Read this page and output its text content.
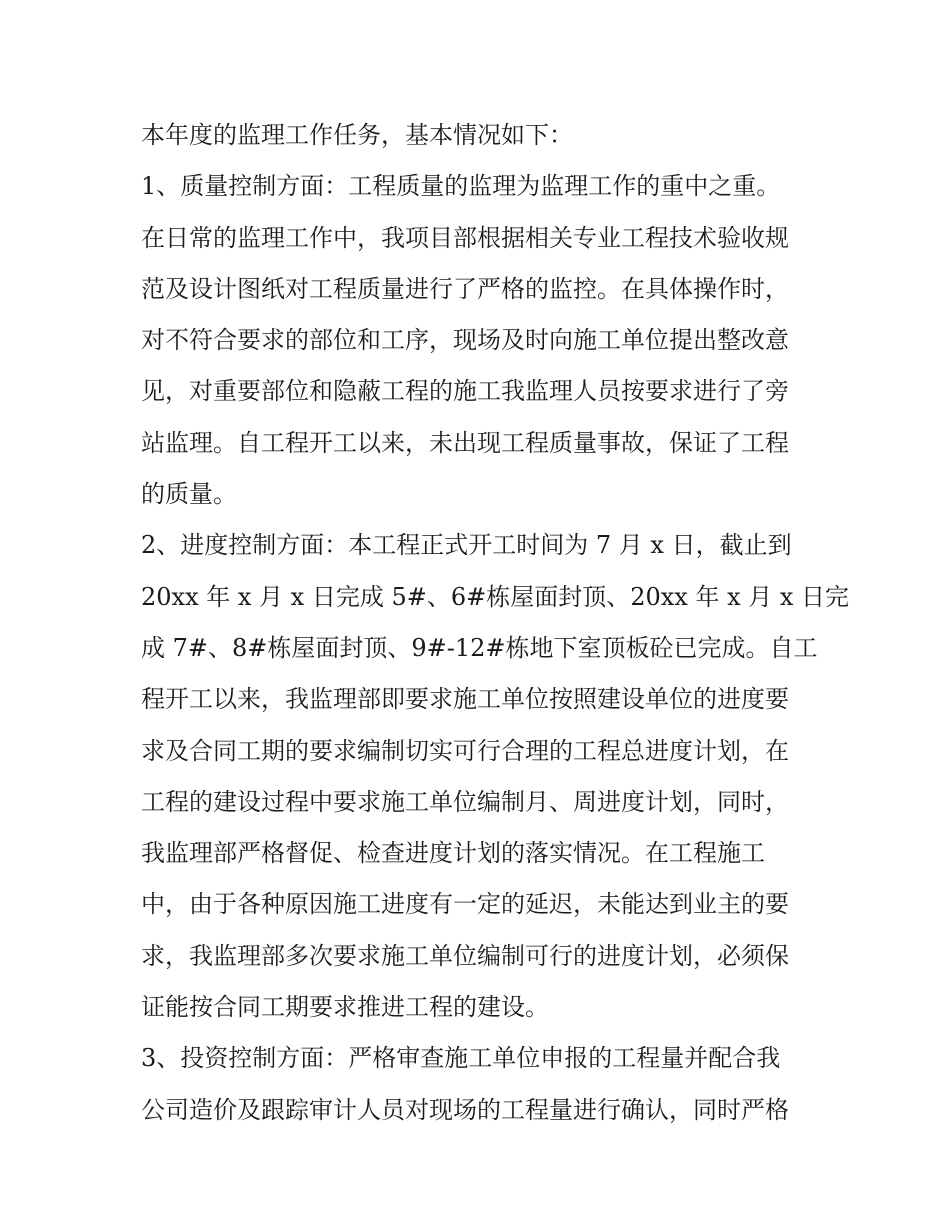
本年度的监理工作任务，基本情况如下：
1、质量控制方面：工程质量的监理为监理工作的重中之重。
在日常的监理工作中，我项目部根据相关专业工程技术验收规
范及设计图纸对工程质量进行了严格的监控。在具体操作时，
对不符合要求的部位和工序，现场及时向施工单位提出整改意
见，对重要部位和隐蔽工程的施工我监理人员按要求进行了旁
站监理。自工程开工以来，未出现工程质量事故，保证了工程
的质量。
2、进度控制方面：本工程正式开工时间为 7 月 x 日，截止到
20xx 年 x 月 x 日完成 5#、6#栋屋面封顶、20xx 年 x 月 x 日完
成 7#、8#栋屋面封顶、9#-12#栋地下室顶板砼已完成。自工
程开工以来，我监理部即要求施工单位按照建设单位的进度要
求及合同工期的要求编制切实可行合理的工程总进度计划，在
工程的建设过程中要求施工单位编制月、周进度计划，同时，
我监理部严格督促、检查进度计划的落实情况。在工程施工
中，由于各种原因施工进度有一定的延迟，未能达到业主的要
求，我监理部多次要求施工单位编制可行的进度计划，必须保
证能按合同工期要求推进工程的建设。
3、投资控制方面：严格审查施工单位申报的工程量并配合我
公司造价及跟踪审计人员对现场的工程量进行确认，同时严格
